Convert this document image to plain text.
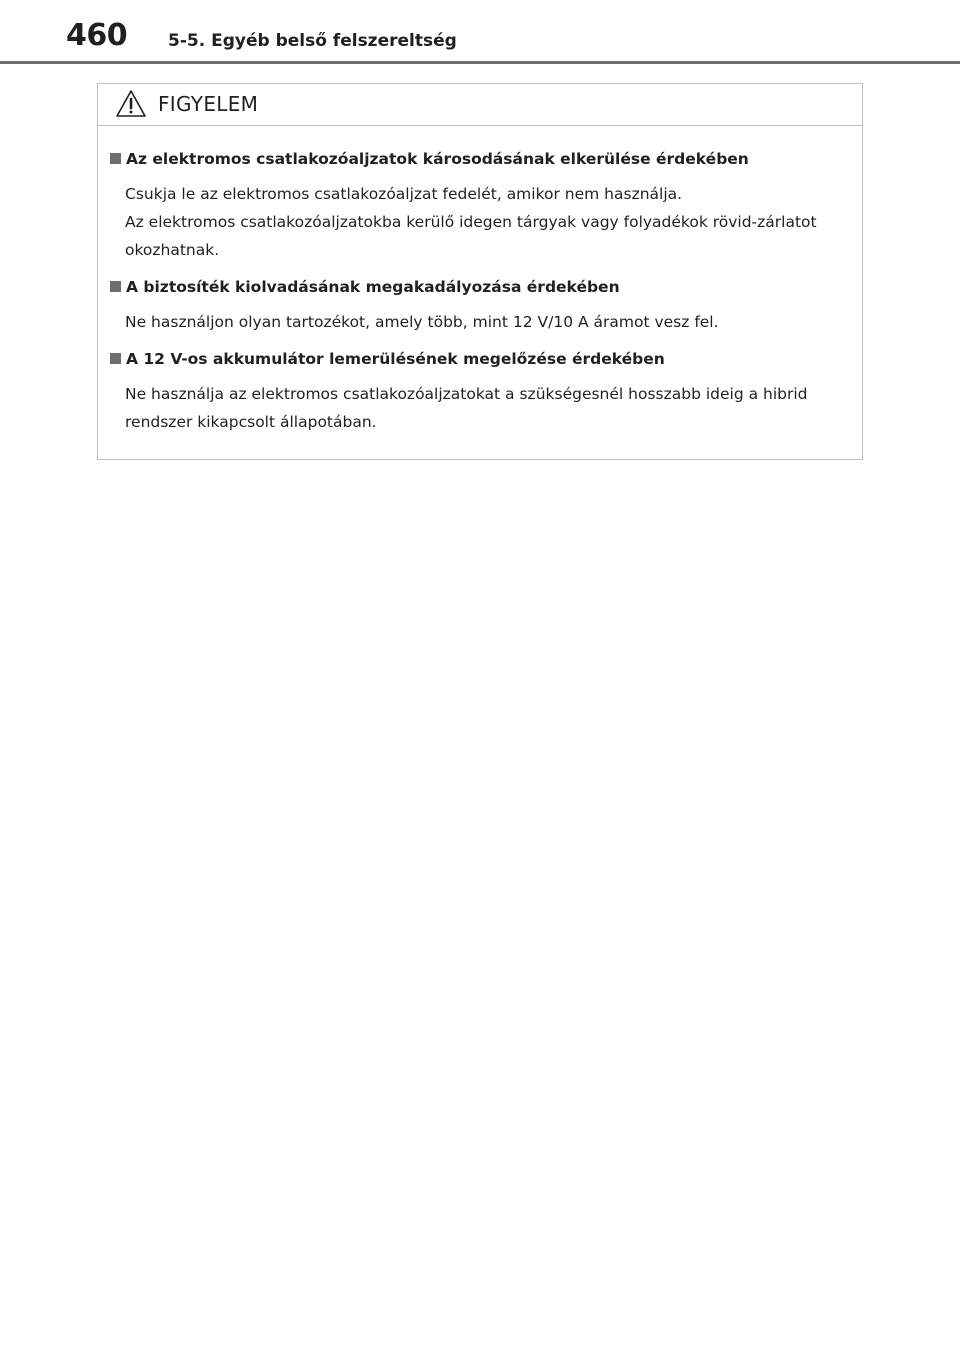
460 5-5. Egyéb belső felszereltség
FIGYELEM
Az elektromos csatlakozóaljzatok károsodásának elkerülése érdekében

Csukja le az elektromos csatlakozóaljzat fedelét, amikor nem használja.

Az elektromos csatlakozóaljzatokba kerülő idegen tárgyak vagy folyadékok rövid-zárlatot okozhatnak.

A biztosíték kiolvadásának megakadályozása érdekében

Ne használjon olyan tartozékot, amely több, mint 12 V/10 A áramot vesz fel.

A 12 V-os akkumulátor lemerülésének megelőzése érdekében

Ne használja az elektromos csatlakozóaljzatokat a szükségesnél hosszabb ideig a hibrid rendszer kikapcsolt állapotában.
